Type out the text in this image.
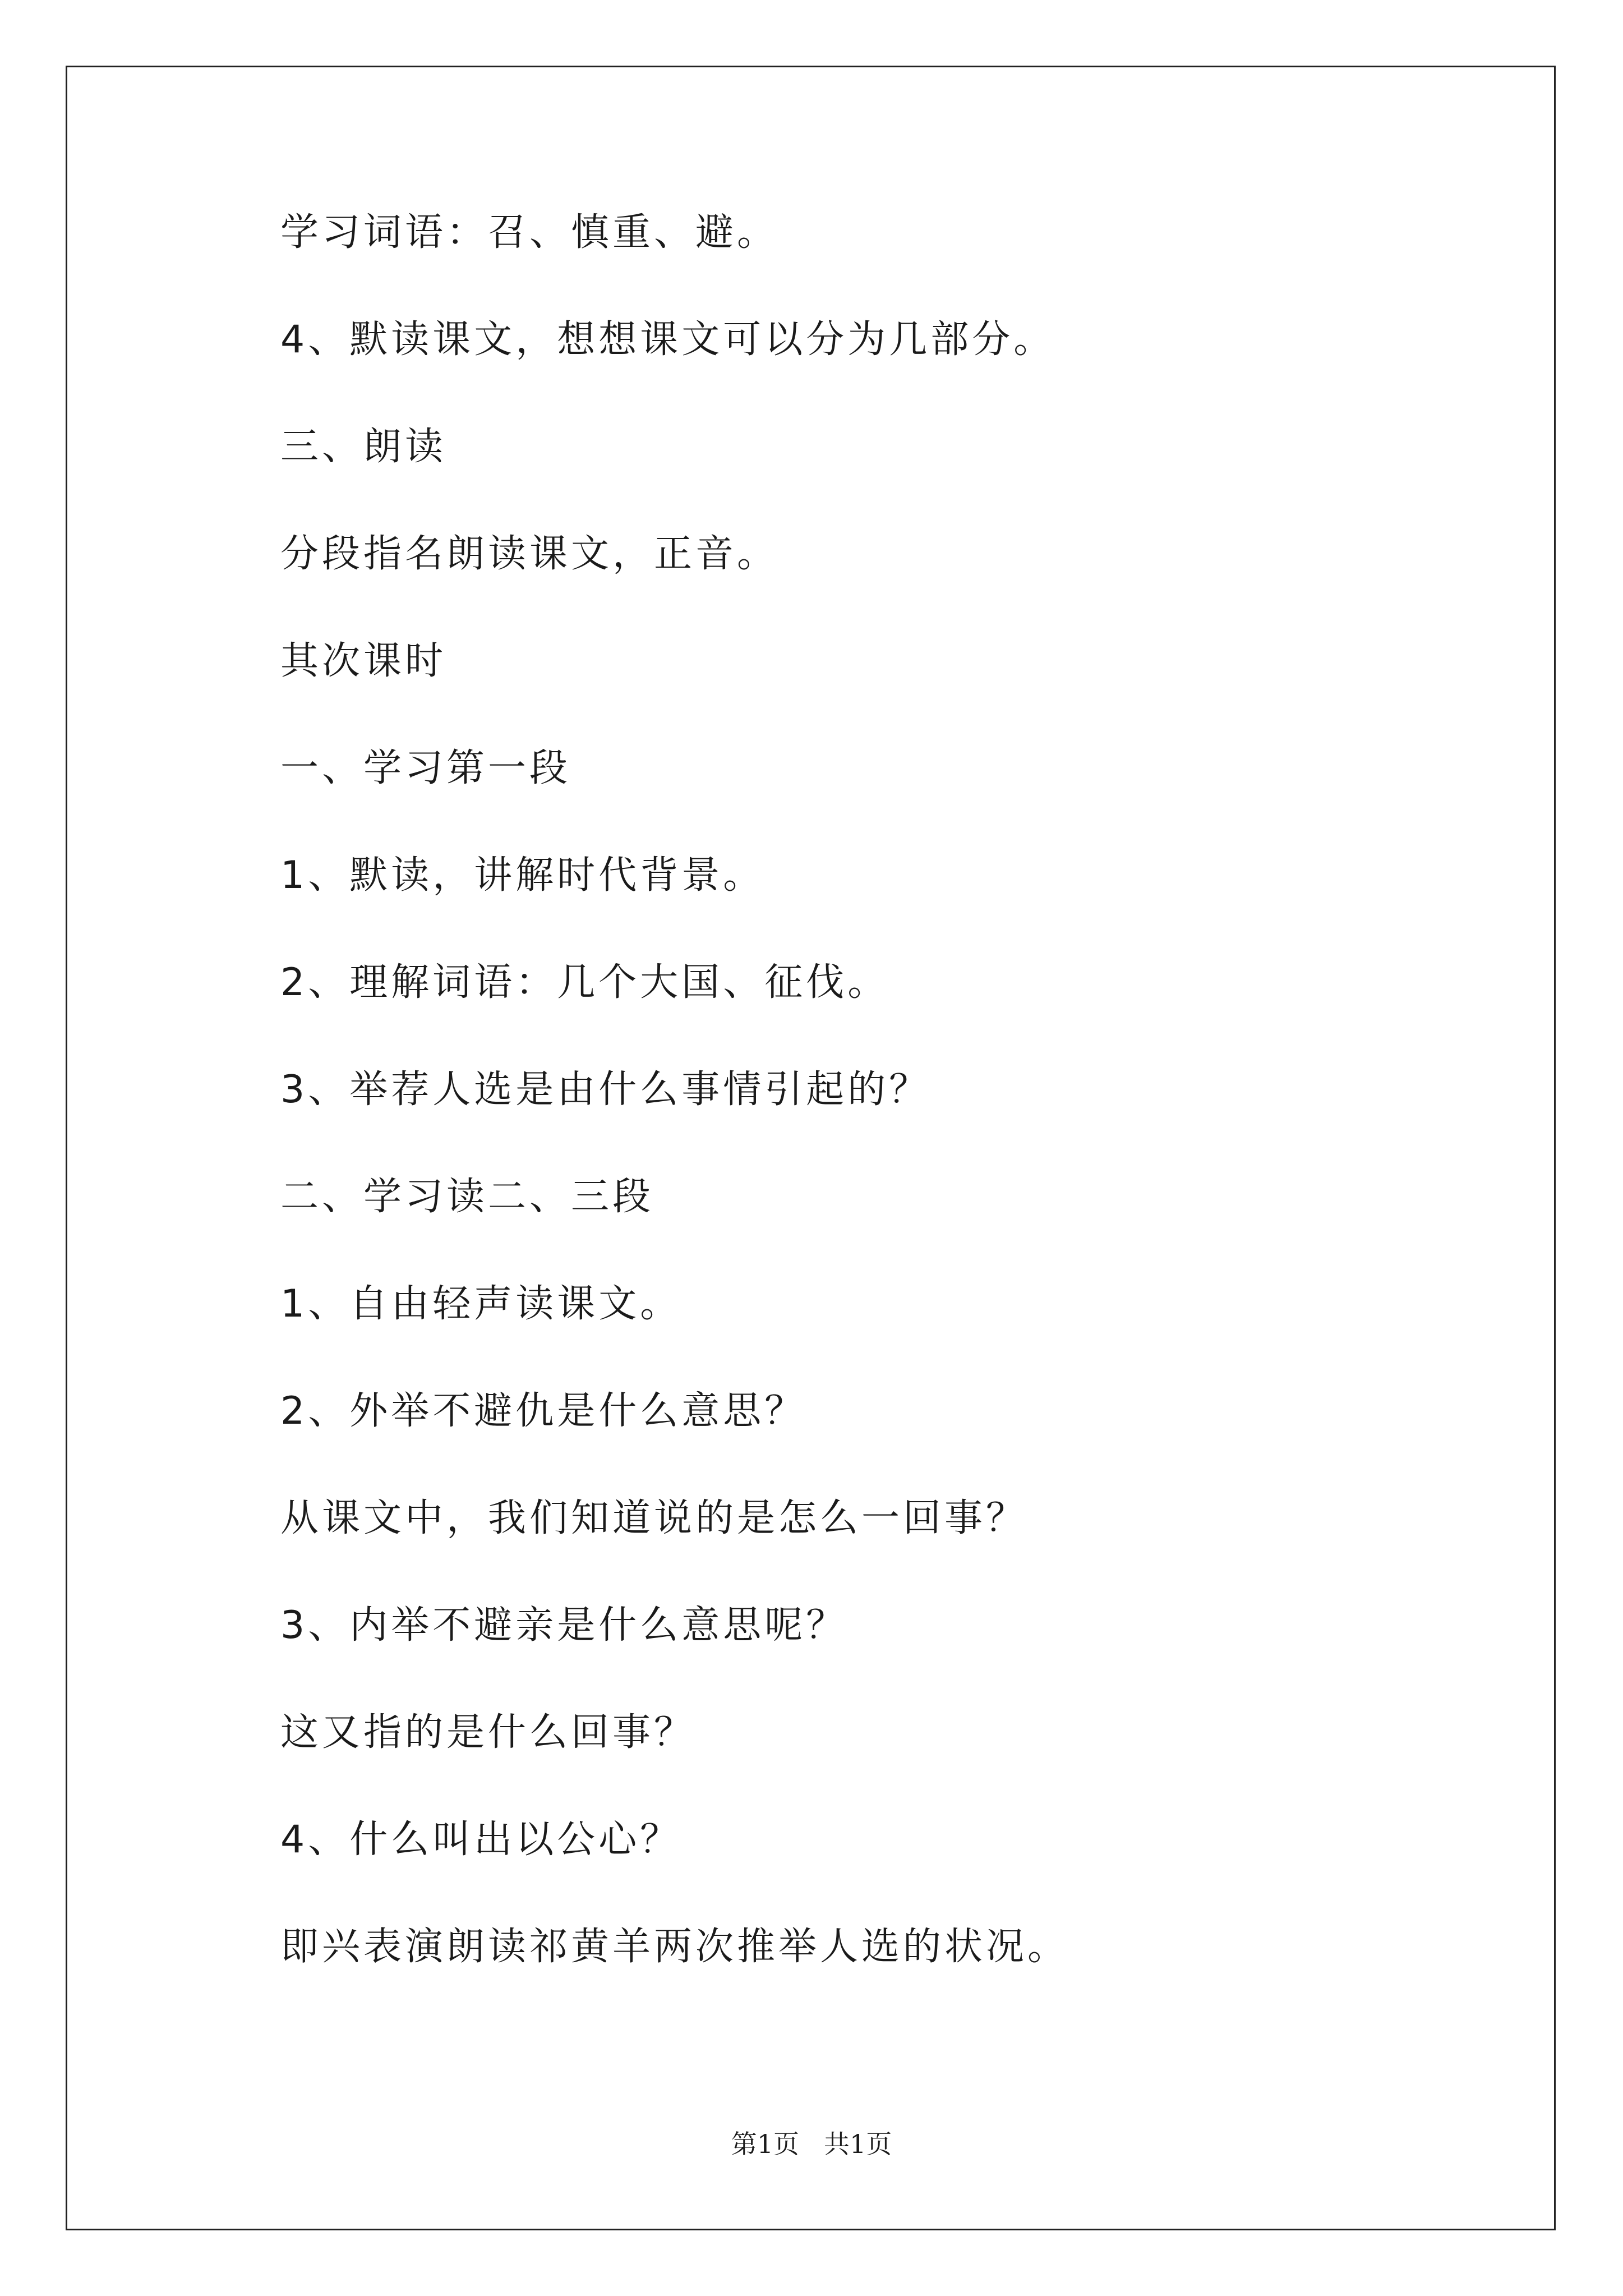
学习词语：召、慎重、避。
4、默读课文，想想课文可以分为几部分。
三、朗读
分段指名朗读课文，正音。
其次课时
一、学习第一段
1、默读，讲解时代背景。
2、理解词语：几个大国、征伐。
3、举荐人选是由什么事情引起的？
二、学习读二、三段
1、自由轻声读课文。
2、外举不避仇是什么意思？
从课文中，我们知道说的是怎么一回事？
3、内举不避亲是什么意思呢？
这又指的是什么回事？
4、什么叫出以公心？
即兴表演朗读祁黄羊两次推举人选的状况。
第1页 共1页
